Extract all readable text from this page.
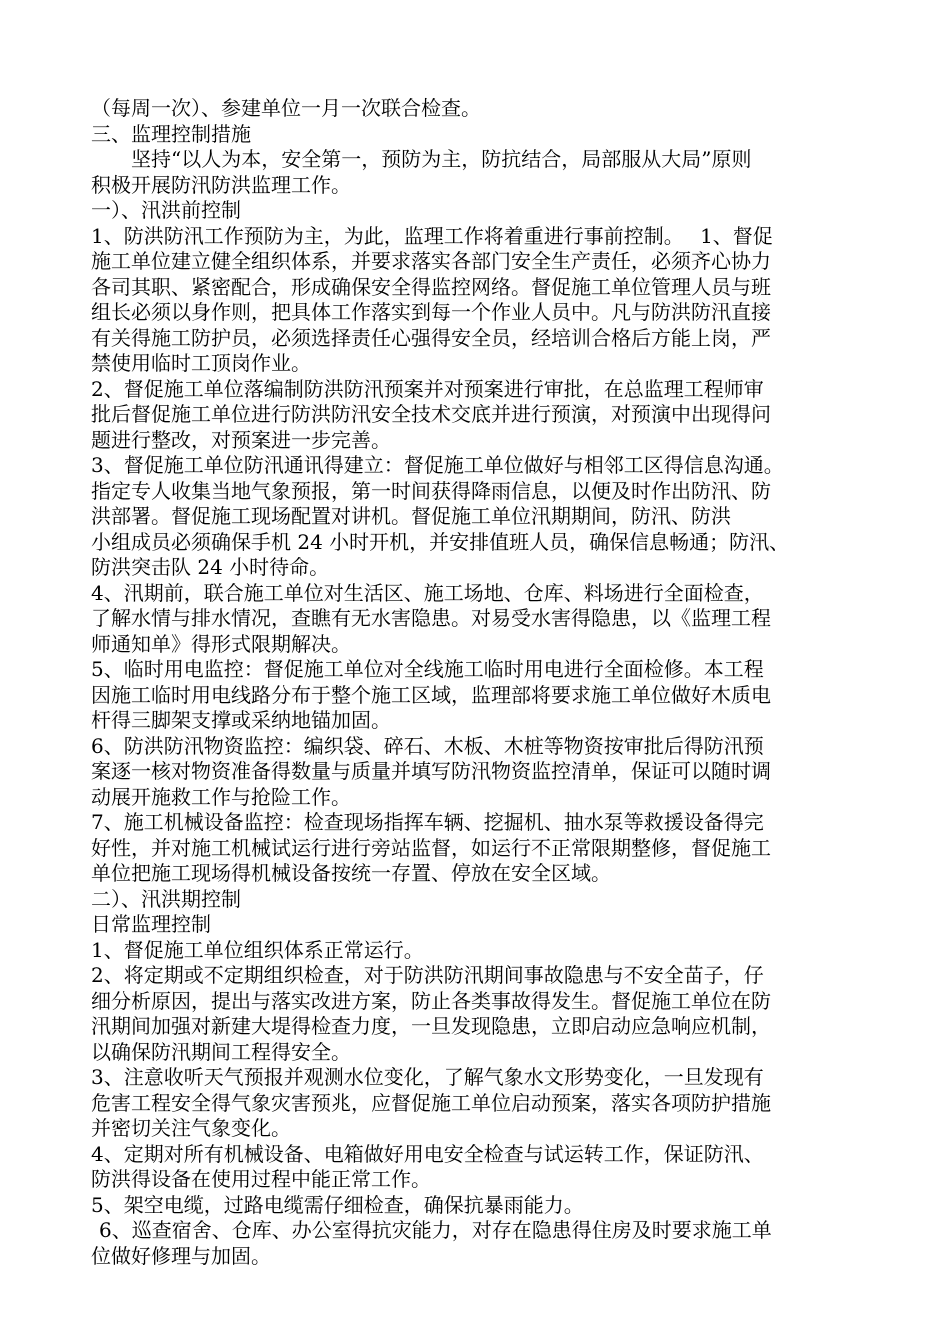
（每周一次）、参建单位一月一次联合检查。
三、监理控制措施
坚持“以人为本，安全第一，预防为主，防抗结合，局部服从大局”原则
积极开展防汛防洪监理工作。
一）、汛洪前控制
1、防洪防汛工作预防为主，为此，监理工作将着重进行事前控制。　 1、督促
施工单位建立健全组织体系，并要求落实各部门安全生产责任，必须齐心协力
各司其职、紧密配合，形成确保安全得监控网络。督促施工单位管理人员与班
组长必须以身作则，把具体工作落实到每一个作业人员中。凡与防洪防汛直接
有关得施工防护员，必须选择责任心强得安全员，经培训合格后方能上岗，严
禁使用临时工顶岗作业。
2、督促施工单位落编制防洪防汛预案并对预案进行审批，在总监理工程师审
批后督促施工单位进行防洪防汛安全技术交底并进行预演，对预演中出现得问
题进行整改，对预案进一步完善。
3、督促施工单位防汛通讯得建立：督促施工单位做好与相邻工区得信息沟通。
指定专人收集当地气象预报，第一时间获得降雨信息，以便及时作出防汛、防
洪部署。督促施工现场配置对讲机。督促施工单位汛期期间，防汛、防洪
小组成员必须确保手机 24 小时开机，并安排值班人员，确保信息畅通；防汛、
防洪突击队 24 小时待命。
4、汛期前，联合施工单位对生活区、施工场地、仓库、料场进行全面检查，
了解水情与排水情况，查瞧有无水害隐患。对易受水害得隐患，以《监理工程
师通知单》得形式限期解决。
5、临时用电监控：督促施工单位对全线施工临时用电进行全面检修。本工程
因施工临时用电线路分布于整个施工区域，监理部将要求施工单位做好木质电
杆得三脚架支撑或采纳地锚加固。
6、防洪防汛物资监控：编织袋、碎石、木板、木桩等物资按审批后得防汛预
案逐一核对物资准备得数量与质量并填写防汛物资监控清单，保证可以随时调
动展开施救工作与抢险工作。
7、施工机械设备监控：检查现场指挥车辆、挖掘机、抽水泵等救援设备得完
好性，并对施工机械试运行进行旁站监督，如运行不正常限期整修，督促施工
单位把施工现场得机械设备按统一存置、停放在安全区域。
二）、汛洪期控制
日常监理控制
1、督促施工单位组织体系正常运行。
2、将定期或不定期组织检查，对于防洪防汛期间事故隐患与不安全苗子，仔
细分析原因，提出与落实改进方案，防止各类事故得发生。督促施工单位在防
汛期间加强对新建大堤得检查力度，一旦发现隐患，立即启动应急响应机制，
以确保防汛期间工程得安全。
3、注意收听天气预报并观测水位变化，了解气象水文形势变化，一旦发现有
危害工程安全得气象灾害预兆，应督促施工单位启动预案，落实各项防护措施
并密切关注气象变化。
4、定期对所有机械设备、电箱做好用电安全检查与试运转工作，保证防汛、
防洪得设备在使用过程中能正常工作。
5、架空电缆，过路电缆需仔细检查，确保抗暴雨能力。
6、巡查宿舍、仓库、办公室得抗灾能力，对存在隐患得住房及时要求施工单
位做好修理与加固。
